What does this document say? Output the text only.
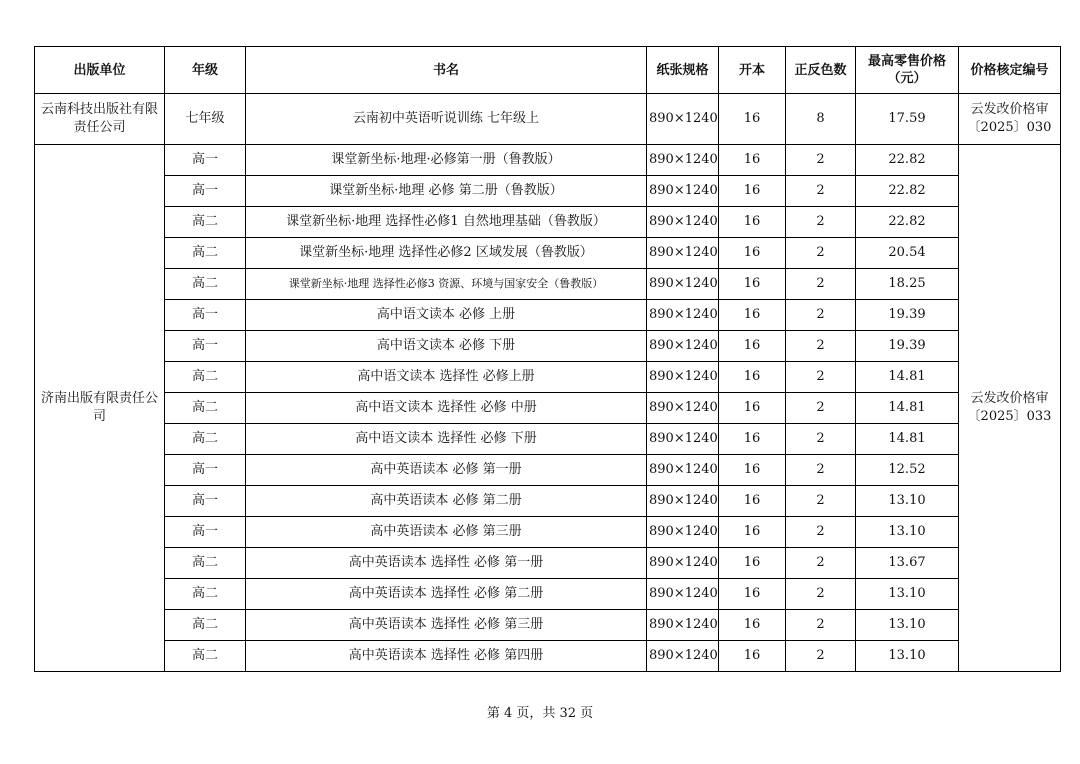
出版单位	年级	书名	纸张规格	开本	正反色数	最高零售价格（元）	价格核定编号
云南科技出版社有限责任公司	七年级	云南初中英语听说训练 七年级上	890×1240	16	8	17.59	云发改价格审〔2025〕030
济南出版有限责任公司	高一	课堂新坐标·地理·必修第一册（鲁教版）	890×1240	16	2	22.82	云发改价格审〔2025〕033
	高一	课堂新坐标·地理 必修 第二册（鲁教版）	890×1240	16	2	22.82	
	高二	课堂新坐标·地理 选择性必修1 自然地理基础（鲁教版）	890×1240	16	2	22.82	
	高二	课堂新坐标·地理 选择性必修2 区域发展（鲁教版）	890×1240	16	2	20.54	
	高二	课堂新坐标·地理 选择性必修3 资源、环境与国家安全（鲁教版）	890×1240	16	2	18.25	
	高一	高中语文读本 必修 上册	890×1240	16	2	19.39	
	高一	高中语文读本 必修 下册	890×1240	16	2	19.39	
	高二	高中语文读本 选择性 必修上册	890×1240	16	2	14.81	
	高二	高中语文读本 选择性 必修 中册	890×1240	16	2	14.81	
	高二	高中语文读本 选择性 必修 下册	890×1240	16	2	14.81	
	高一	高中英语读本 必修 第一册	890×1240	16	2	12.52	
	高一	高中英语读本 必修 第二册	890×1240	16	2	13.10	
	高一	高中英语读本 必修 第三册	890×1240	16	2	13.10	
	高二	高中英语读本 选择性 必修 第一册	890×1240	16	2	13.67	
	高二	高中英语读本 选择性 必修 第二册	890×1240	16	2	13.10	
	高二	高中英语读本 选择性 必修 第三册	890×1240	16	2	13.10	
	高二	高中英语读本 选择性 必修 第四册	890×1240	16	2	13.10	
第 4 页，共 32 页
